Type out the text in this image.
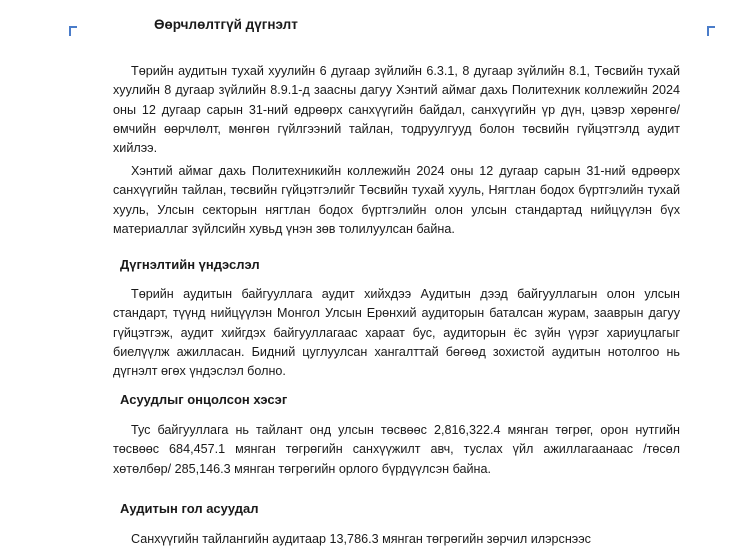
Өөрчлөлтгүй дүгнэлт

Төрийн аудитын тухай хуулийн 6 дугаар зүйлийн 6.3.1, 8 дугаар зүйлийн 8.1, Төсвийн тухай хуулийн 8 дугаар зүйлийн 8.9.1-д заасны дагуу Хэнтий аймаг дахь Политехник коллежийн 2024 оны 12 дугаар сарын 31-ний өдрөөрх санхүүгийн байдал, санхүүгийн үр дүн, цэвэр хөрөнгө/өмчийн өөрчлөлт, мөнгөн гүйлгээний тайлан, тодруулгууд болон төсвийн гүйцэтгэлд аудит хийлээ.

Хэнтий аймаг дахь Политехникийн коллежийн 2024 оны 12 дугаар сарын 31-ний өдрөөрх санхүүгийн тайлан, төсвийн гүйцэтгэлийг Төсвийн тухай хууль, Нягтлан бодох бүртгэлийн тухай хууль, Улсын секторын нягтлан бодох бүртгэлийн олон улсын стандартад нийцүүлэн бүх материаллаг зүйлсийн хувьд үнэн зөв толилуулсан байна.

Дүгнэлтийн үндэслэл

Төрийн аудитын байгууллага аудит хийхдээ Аудитын дээд байгууллагын олон улсын стандарт, түүнд нийцүүлэн Монгол Улсын Ерөнхий аудиторын баталсан журам, зааврын дагуу гүйцэтгэж, аудит хийгдэх байгууллагаас хараат бус, аудиторын ёс зүйн үүрэг хариуцлагыг биелүүлж ажилласан. Бидний цуглуулсан хангалттай бөгөөд зохистой аудитын нотолгоо нь дүгнэлт өгөх үндэслэл болно.

Асуудлыг онцолсон хэсэг

Тус байгууллага нь тайлант онд улсын төсвөөс 2,816,322.4 мянган төгрөг, орон нутгийн төсвөөс 684,457.1 мянган төгрөгийн санхүүжилт авч, туслах үйл ажиллагаанаас /төсөл хөтөлбөр/ 285,146.3 мянган төгрөгийн орлого бүрдүүлсэн байна.

Аудитын гол асуудал

Санхүүгийн тайлангийн аудитаар 13,786.3 мянган төгрөгийн зөрчил илэрснээс
